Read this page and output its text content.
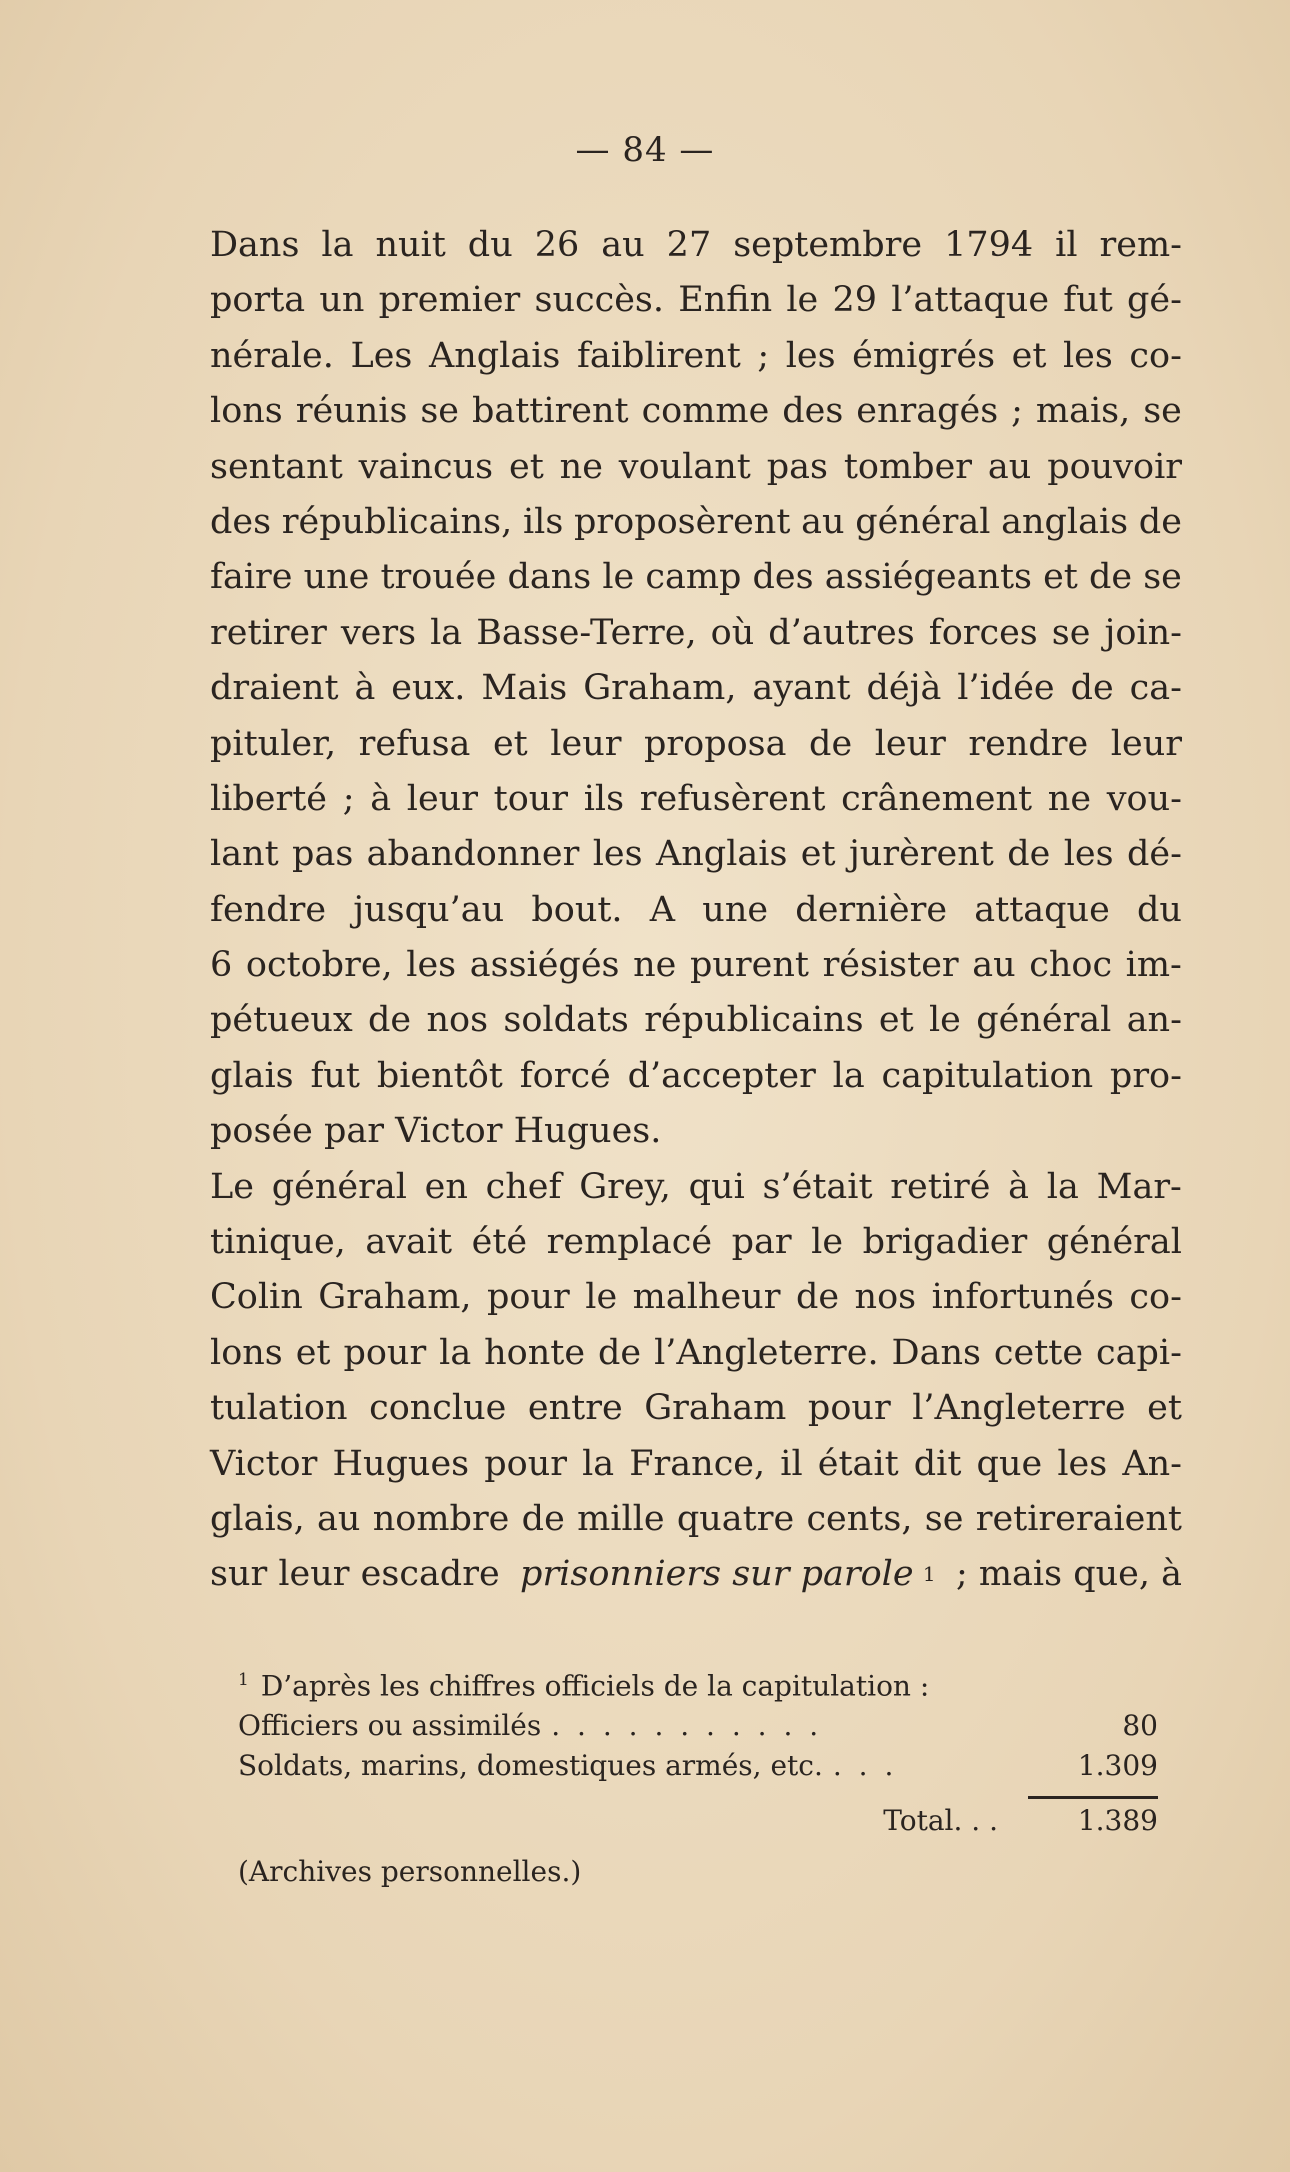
— 84 —
Dans la nuit du 26 au 27 septembre 1794 il rem-
porta un premier succès. Enfin le 29 l’attaque fut gé-
nérale. Les Anglais faiblirent ; les émigrés et les co-
lons réunis se battirent comme des enragés ; mais, se
sentant vaincus et ne voulant pas tomber au pouvoir
des républicains, ils proposèrent au général anglais de
faire une trouée dans le camp des assiégeants et de se
retirer vers la Basse-Terre, où d’autres forces se join-
draient à eux. Mais Graham, ayant déjà l’idée de ca-
pituler, refusa et leur proposa de leur rendre leur
liberté ; à leur tour ils refusèrent crânement ne vou-
lant pas abandonner les Anglais et jurèrent de les dé-
fendre jusqu’au bout. A une dernière attaque du
6 octobre, les assiégés ne purent résister au choc im-
pétueux de nos soldats républicains et le général an-
glais fut bientôt forcé d’accepter la capitulation pro-
posée par Victor Hugues.
Le général en chef Grey, qui s’était retiré à la Mar-
tinique, avait été remplacé par le brigadier général
Colin Graham, pour le malheur de nos infortunés co-
lons et pour la honte de l’Angleterre. Dans cette capi-
tulation conclue entre Graham pour l’Angleterre et
Victor Hugues pour la France, il était dit que les An-
glais, au nombre de mille quatre cents, se retireraient
sur leur escadre prisonniers sur parole 1 ; mais que, à
$^1$ D’après les chiffres officiels de la capitulation :
Officiers ou assimilés . . . . . . . . . . .	80
Soldats, marins, domestiques armés, etc. . . .	1.309
Total. . .	1.389
(Archives personnelles.)
